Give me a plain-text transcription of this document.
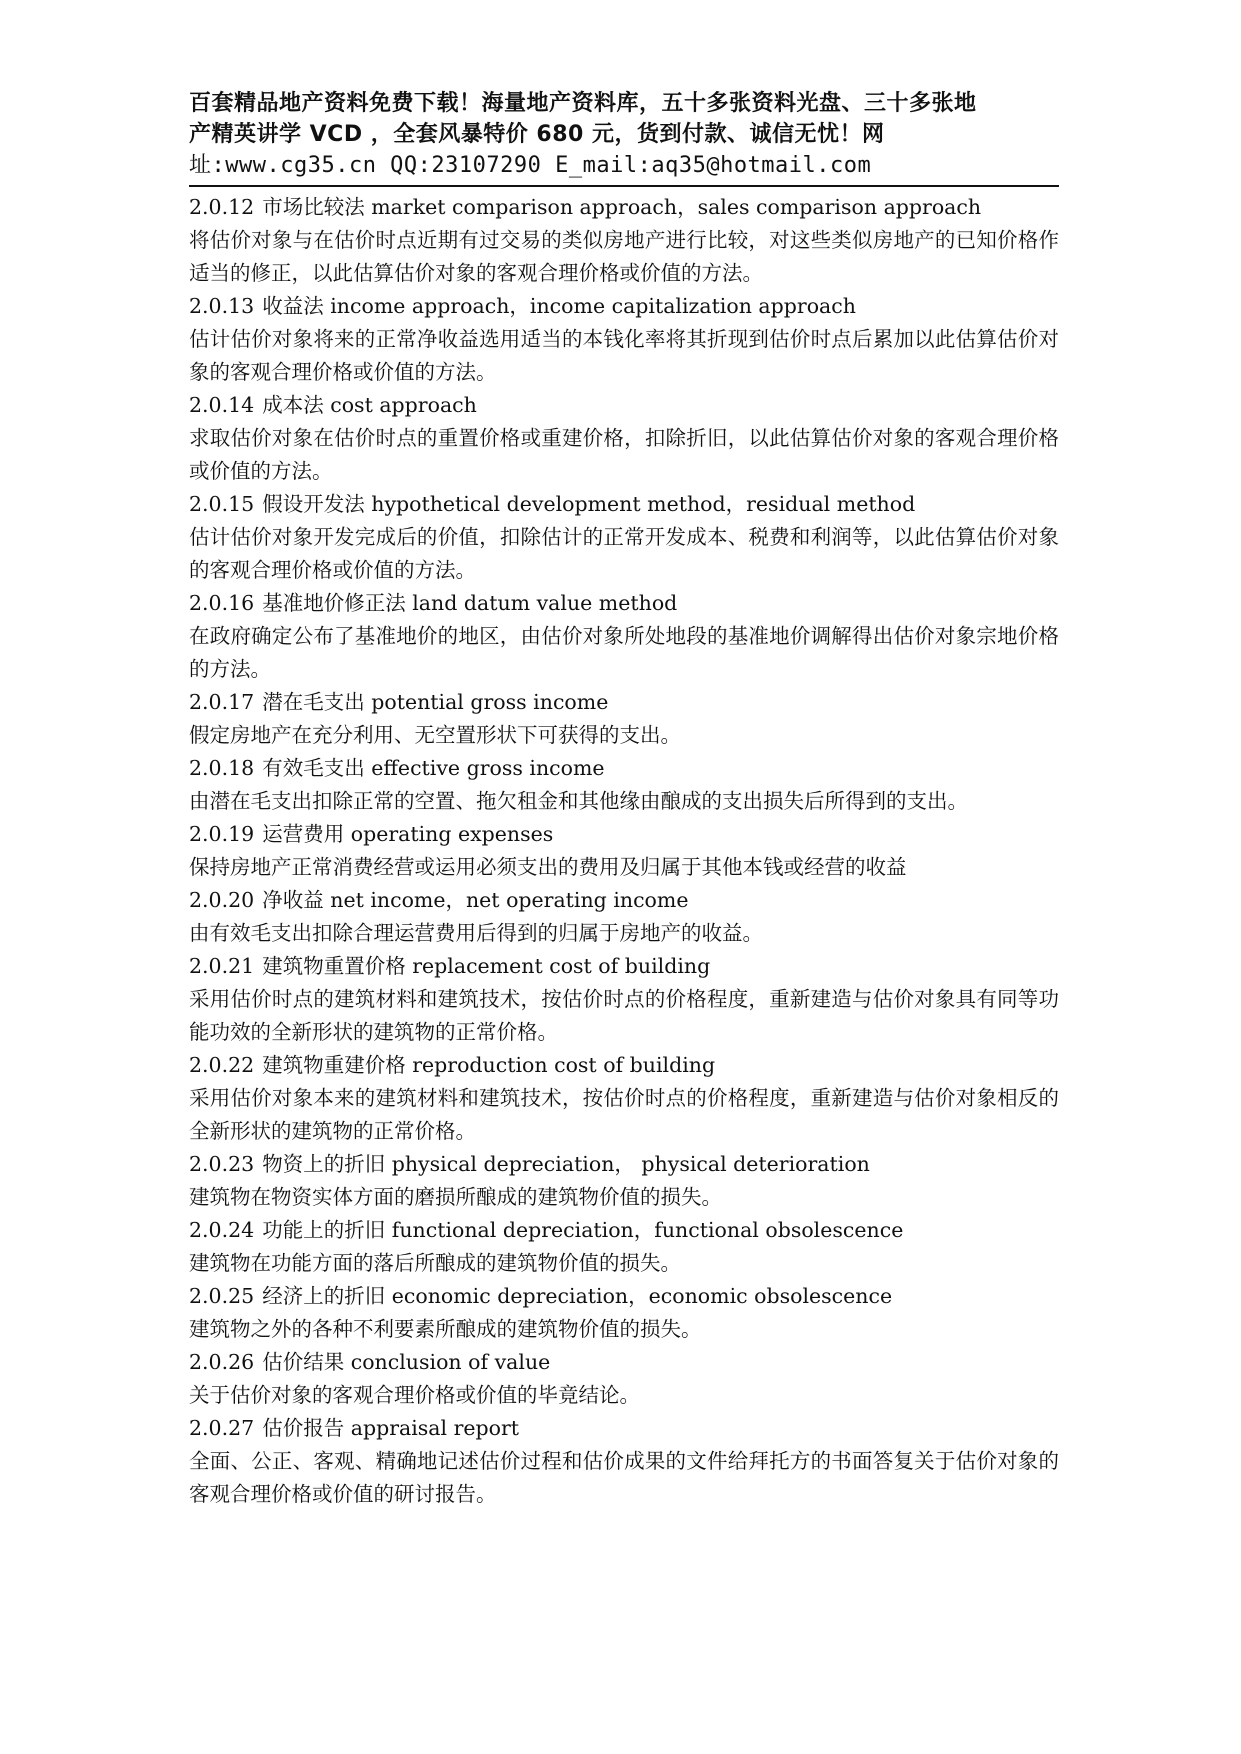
百套精品地产资料免费下载！海量地产资料库，五十多张资料光盘、三十多张地
产精英讲学 VCD ，全套风暴特价 680 元，货到付款、诚信无忧！网
址:www.cg35.cn QQ:23107290 E_mail:aq35@hotmail.com
2.0.12 市场比较法 market comparison approach，sales comparison approach
将估价对象与在估价时点近期有过交易的类似房地产进行比较，对这些类似房地产的已知价格作适当的修正，以此估算估价对象的客观合理价格或价值的方法。
2.0.13 收益法 income approach，income capitalization approach
估计估价对象将来的正常净收益选用适当的本钱化率将其折现到估价时点后累加以此估算估价对象的客观合理价格或价值的方法。
2.0.14 成本法 cost approach
求取估价对象在估价时点的重置价格或重建价格，扣除折旧，以此估算估价对象的客观合理价格或价值的方法。
2.0.15 假设开发法 hypothetical development method，residual method
估计估价对象开发完成后的价值，扣除估计的正常开发成本、税费和利润等，以此估算估价对象的客观合理价格或价值的方法。
2.0.16 基准地价修正法 land datum value method
在政府确定公布了基准地价的地区，由估价对象所处地段的基准地价调解得出估价对象宗地价格的方法。
2.0.17 潜在毛支出 potential gross income
假定房地产在充分利用、无空置形状下可获得的支出。
2.0.18 有效毛支出 effective gross income
由潜在毛支出扣除正常的空置、拖欠租金和其他缘由酿成的支出损失后所得到的支出。
2.0.19 运营费用 operating expenses
保持房地产正常消费经营或运用必须支出的费用及归属于其他本钱或经营的收益
2.0.20 净收益 net income，net operating income
由有效毛支出扣除合理运营费用后得到的归属于房地产的收益。
2.0.21 建筑物重置价格 replacement cost of building
采用估价时点的建筑材料和建筑技术，按估价时点的价格程度，重新建造与估价对象具有同等功能功效的全新形状的建筑物的正常价格。
2.0.22 建筑物重建价格 reproduction cost of building
采用估价对象本来的建筑材料和建筑技术，按估价时点的价格程度，重新建造与估价对象相反的全新形状的建筑物的正常价格。
2.0.23 物资上的折旧 physical depreciation， physical deterioration
建筑物在物资实体方面的磨损所酿成的建筑物价值的损失。
2.0.24 功能上的折旧 functional depreciation，functional obsolescence
建筑物在功能方面的落后所酿成的建筑物价值的损失。
2.0.25 经济上的折旧 economic depreciation，economic obsolescence
建筑物之外的各种不利要素所酿成的建筑物价值的损失。
2.0.26 估价结果 conclusion of value
关于估价对象的客观合理价格或价值的毕竟结论。
2.0.27 估价报告 appraisal report
全面、公正、客观、精确地记述估价过程和估价成果的文件给拜托方的书面答复关于估价对象的客观合理价格或价值的研讨报告。
